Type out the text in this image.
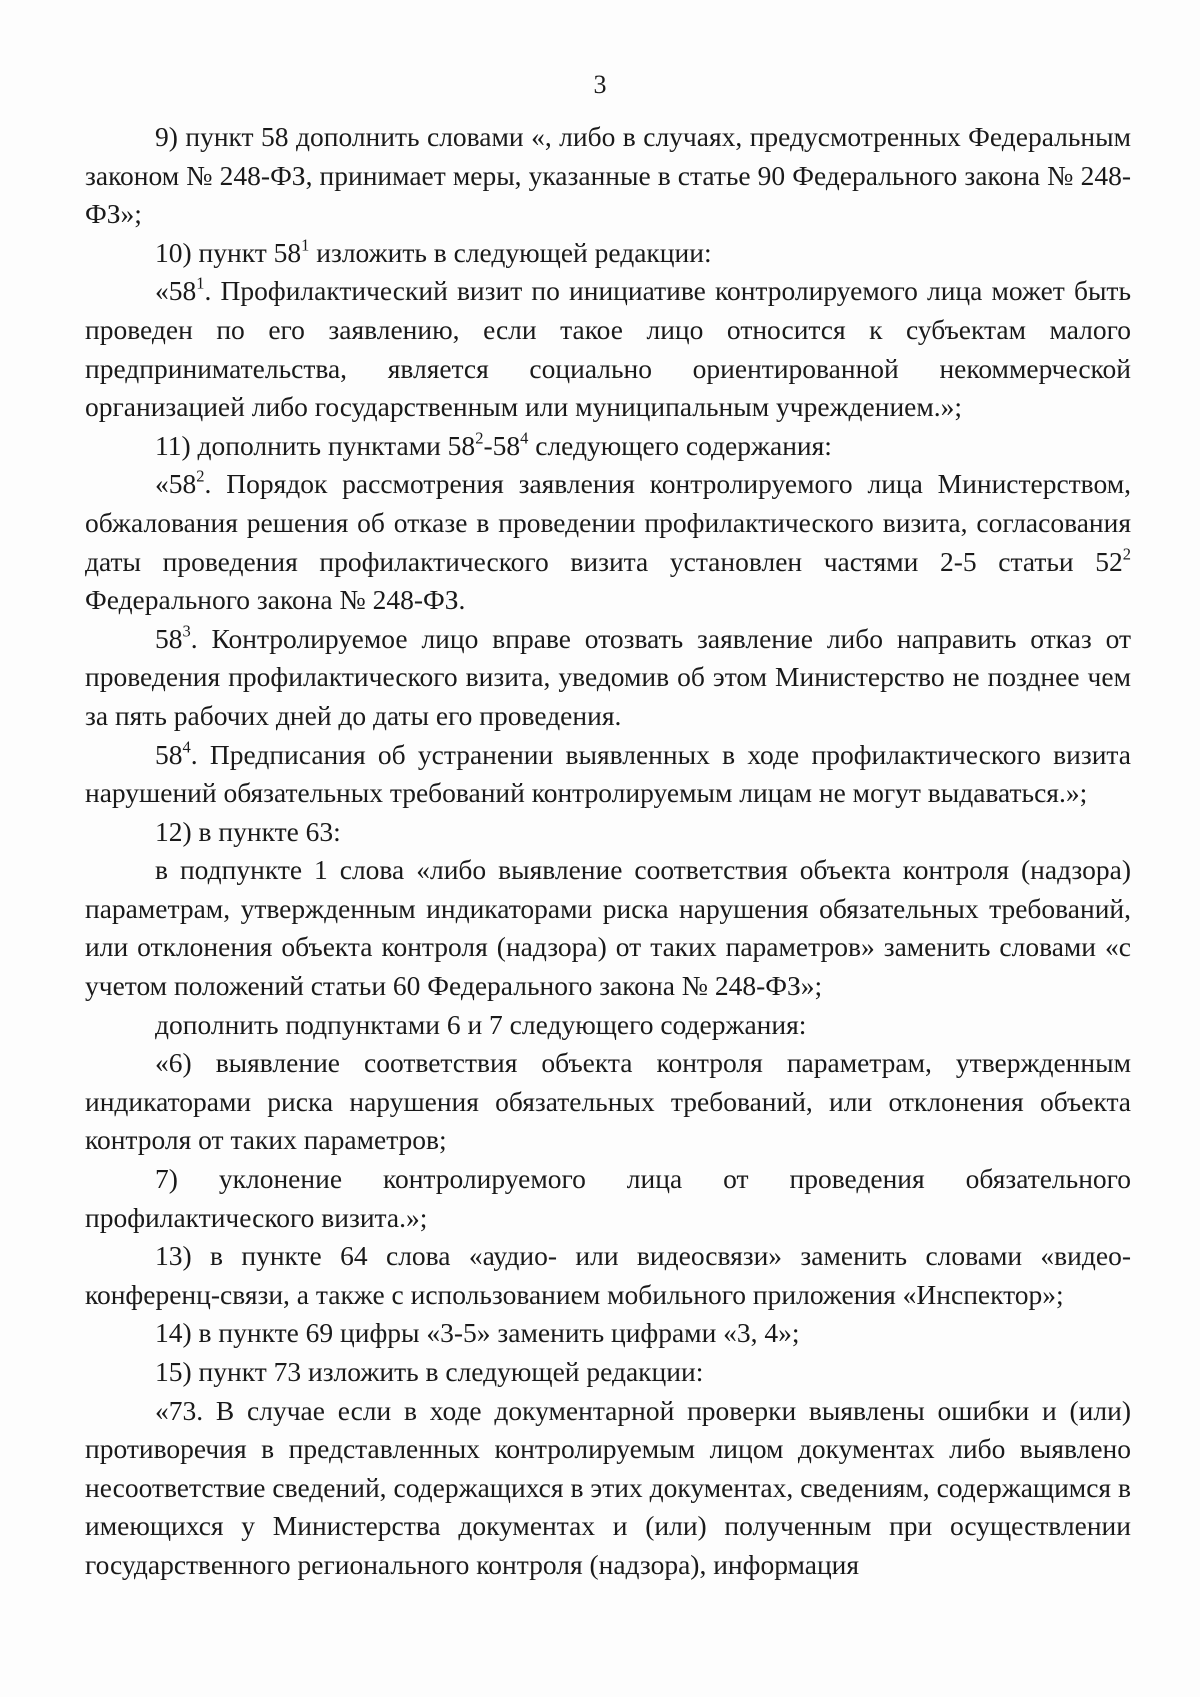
3

9) пункт 58 дополнить словами «, либо в случаях, предусмотренных Федеральным законом № 248-ФЗ, принимает меры, указанные в статье 90 Федерального закона № 248-ФЗ»;

10) пункт $58^1$ изложить в следующей редакции:

«$58^1$. Профилактический визит по инициативе контролируемого лица может быть проведен по его заявлению, если такое лицо относится к субъектам малого предпринимательства, является социально ориентированной некоммерческой организацией либо государственным или муниципальным учреждением.»;

11) дополнить пунктами $58^2-58^4$ следующего содержания:

«$58^2$. Порядок рассмотрения заявления контролируемого лица Министерством, обжалования решения об отказе в проведении профилактического визита, согласования даты проведения профилактического визита установлен частями 2-5 статьи $52^2$ Федерального закона № 248-ФЗ.

$58^3$. Контролируемое лицо вправе отозвать заявление либо направить отказ от проведения профилактического визита, уведомив об этом Министерство не позднее чем за пять рабочих дней до даты его проведения.

$58^4$. Предписания об устранении выявленных в ходе профилактического визита нарушений обязательных требований контролируемым лицам не могут выдаваться.»;

12) в пункте 63:

в подпункте 1 слова «либо выявление соответствия объекта контроля (надзора) параметрам, утвержденным индикаторами риска нарушения обязательных требований, или отклонения объекта контроля (надзора) от таких параметров» заменить словами «с учетом положений статьи 60 Федерального закона № 248-ФЗ»;

дополнить подпунктами 6 и 7 следующего содержания:

«6) выявление соответствия объекта контроля параметрам, утвержденным индикаторами риска нарушения обязательных требований, или отклонения объекта контроля от таких параметров;

7) уклонение контролируемого лица от проведения обязательного профилактического визита.»;

13) в пункте 64 слова «аудио- или видеосвязи» заменить словами «видео-конференц-связи, а также с использованием мобильного приложения «Инспектор»;

14) в пункте 69 цифры «3-5» заменить цифрами «3, 4»;

15) пункт 73 изложить в следующей редакции:

«73. В случае если в ходе документарной проверки выявлены ошибки и (или) противоречия в представленных контролируемым лицом документах либо выявлено несоответствие сведений, содержащихся в этих документах, сведениям, содержащимся в имеющихся у Министерства документах и (или) полученным при осуществлении государственного регионального контроля (надзора), информация
